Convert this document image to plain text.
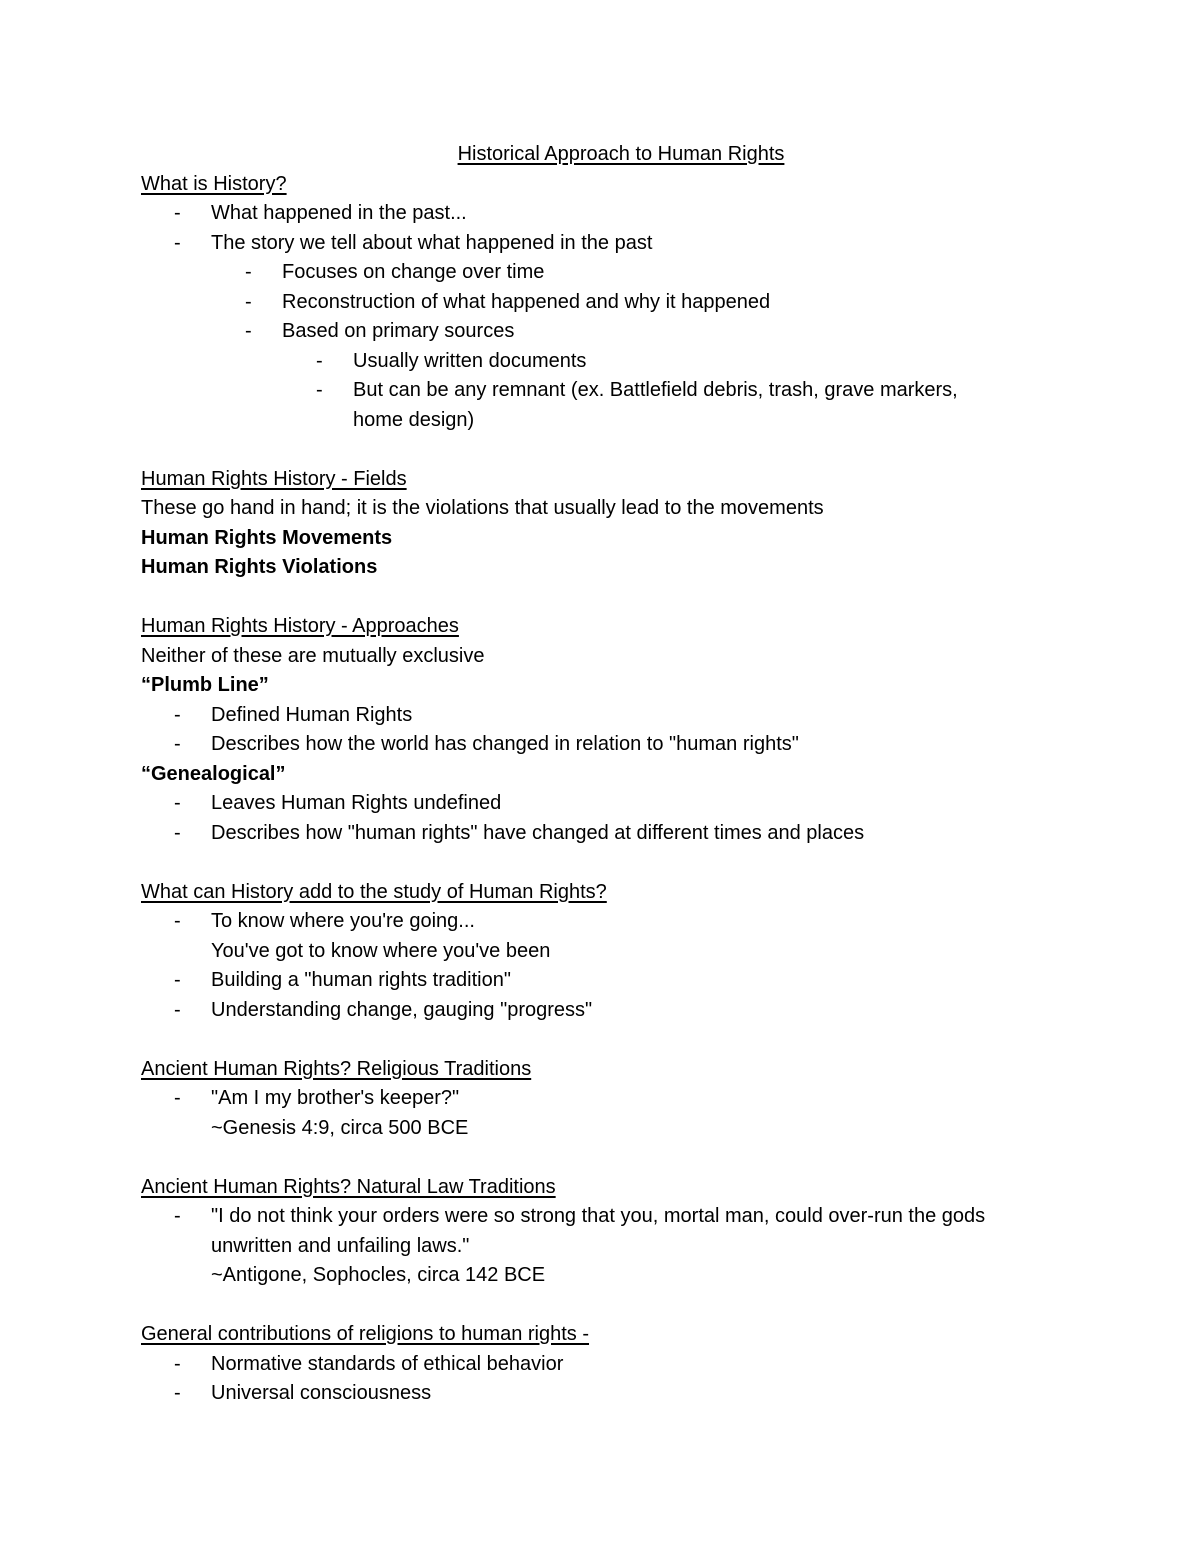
Historical Approach to Human Rights
What is History?
- What happened in the past...
- The story we tell about what happened in the past
- Focuses on change over time
- Reconstruction of what happened and why it happened
- Based on primary sources
- Usually written documents
- But can be any remnant (ex. Battlefield debris, trash, grave markers,
home design)
Human Rights History - Fields
These go hand in hand; it is the violations that usually lead to the movements
Human Rights Movements
Human Rights Violations
Human Rights History - Approaches
Neither of these are mutually exclusive
“Plumb Line”
- Defined Human Rights
- Describes how the world has changed in relation to "human rights"
“Genealogical”
- Leaves Human Rights undefined
- Describes how "human rights" have changed at different times and places
What can History add to the study of Human Rights?
- To know where you're going...
You've got to know where you've been
- Building a "human rights tradition"
- Understanding change, gauging "progress"
Ancient Human Rights? Religious Traditions
- "Am I my brother's keeper?"
~Genesis 4:9, circa 500 BCE
Ancient Human Rights? Natural Law Traditions
- "I do not think your orders were so strong that you, mortal man, could over-run the gods
unwritten and unfailing laws."
~Antigone, Sophocles, circa 142 BCE
General contributions of religions to human rights -
- Normative standards of ethical behavior
- Universal consciousness
